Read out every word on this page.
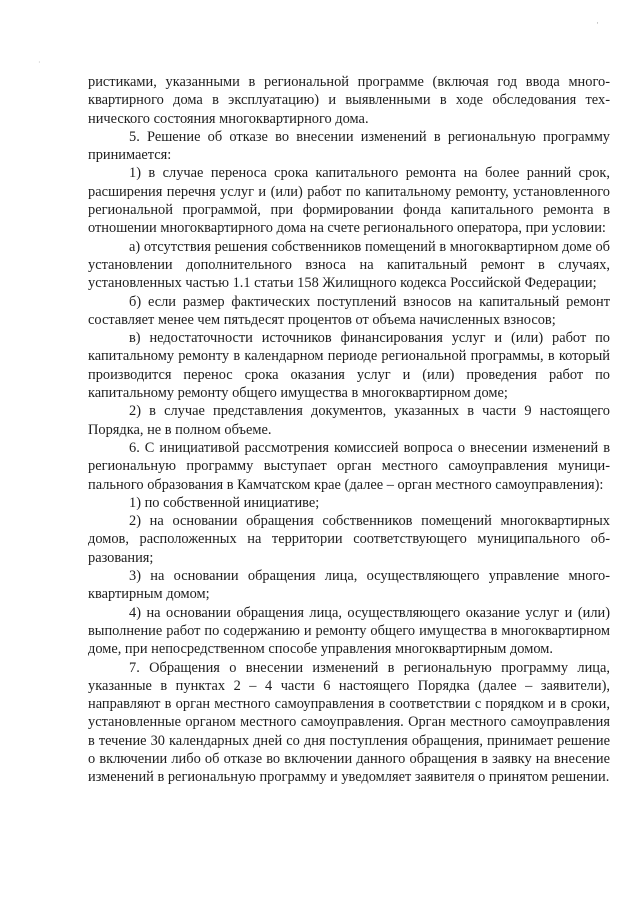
·
·

ристиками, указанными в региональной программе (включая год ввода многоквартирного дома в эксплуатацию) и выявленными в ходе обследования технического состояния многоквартирного дома.

5. Решение об отказе во внесении изменений в региональную программу принимается:

1) в случае переноса срока капитального ремонта на более ранний срок, расширения перечня услуг и (или) работ по капитальному ремонту, установленного региональной программой, при формировании фонда капитального ремонта в отношении многоквартирного дома на счете регионального оператора, при условии:

а) отсутствия решения собственников помещений в многоквартирном доме об установлении дополнительного взноса на капитальный ремонт в случаях, установленных частью 1.1 статьи 158 Жилищного кодекса Российской Федерации;

б) если размер фактических поступлений взносов на капитальный ремонт составляет менее чем пятьдесят процентов от объема начисленных взносов;

в) недостаточности источников финансирования услуг и (или) работ по капитальному ремонту в календарном периоде региональной программы, в который производится перенос срока оказания услуг и (или) проведения работ по капитальному ремонту общего имущества в многоквартирном доме;

2) в случае представления документов, указанных в части 9 настоящего Порядка, не в полном объеме.

6. С инициативой рассмотрения комиссией вопроса о внесении изменений в региональную программу выступает орган местного самоуправления муниципального образования в Камчатском крае (далее – орган местного самоуправления):

1) по собственной инициативе;

2) на основании обращения собственников помещений многоквартирных домов, расположенных на территории соответствующего муниципального образования;

3) на основании обращения лица, осуществляющего управление многоквартирным домом;

4) на основании обращения лица, осуществляющего оказание услуг и (или) выполнение работ по содержанию и ремонту общего имущества в многоквартирном доме, при непосредственном способе управления многоквартирным домом.

7. Обращения о внесении изменений в региональную программу лица, указанные в пунктах 2 – 4 части 6 настоящего Порядка (далее – заявители), направляют в орган местного самоуправления в соответствии с порядком и в сроки, установленные органом местного самоуправления. Орган местного самоуправления в течение 30 календарных дней со дня поступления обращения, принимает решение о включении либо об отказе во включении данного обращения в заявку на внесение изменений в региональную программу и уведомляет заявителя о принятом решении.
